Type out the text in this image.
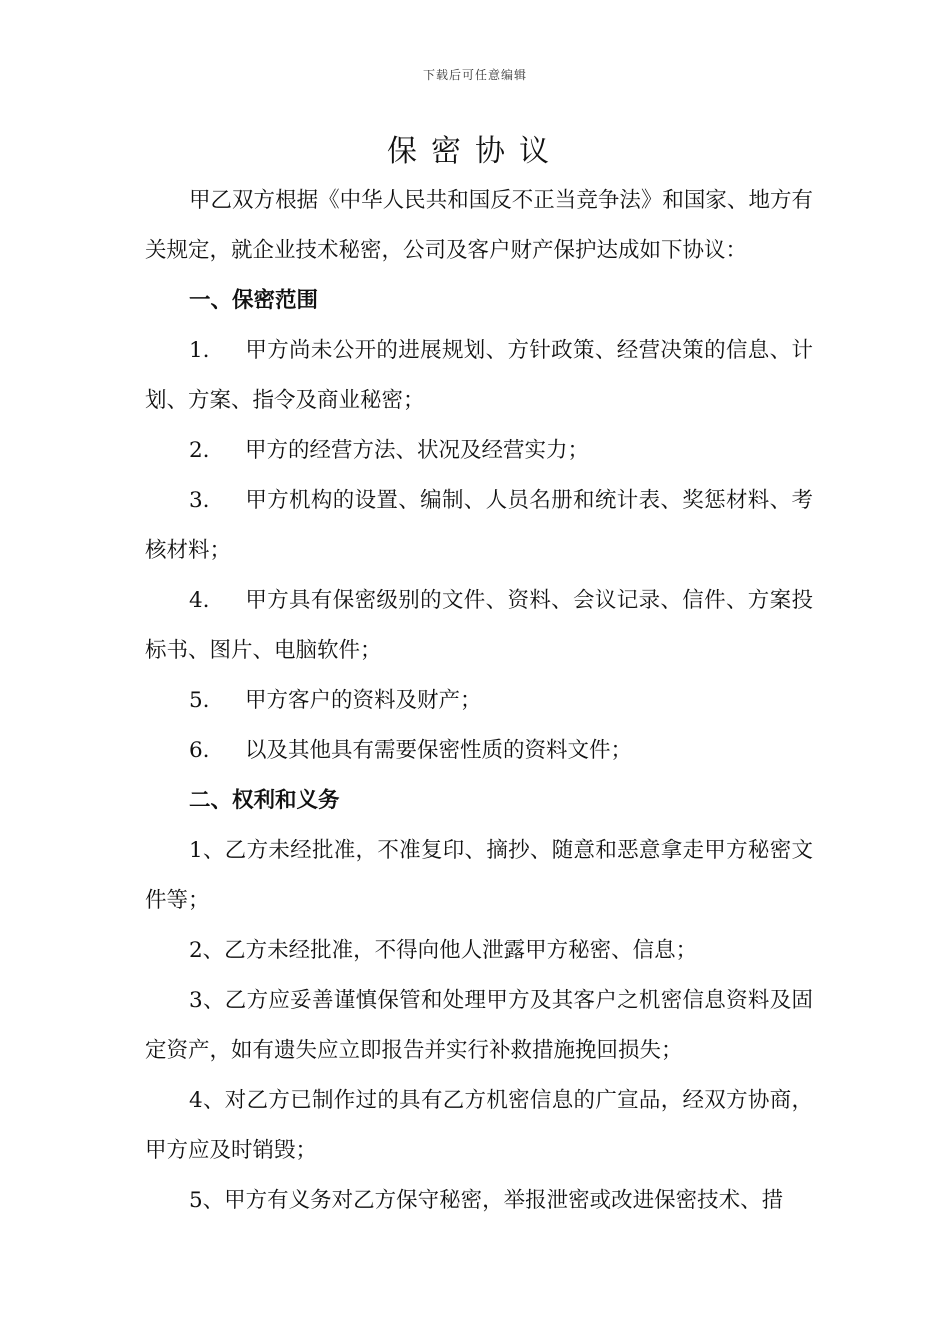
下载后可任意编辑
保密协议

甲乙双方根据《中华人民共和国反不正当竞争法》和国家、地方有关规定，就企业技术秘密，公司及客户财产保护达成如下协议：

一、保密范围

1. 甲方尚未公开的进展规划、方针政策、经营决策的信息、计划、方案、指令及商业秘密；

2. 甲方的经营方法、状况及经营实力；

3. 甲方机构的设置、编制、人员名册和统计表、奖惩材料、考核材料；

4. 甲方具有保密级别的文件、资料、会议记录、信件、方案投标书、图片、电脑软件；

5. 甲方客户的资料及财产；

6. 以及其他具有需要保密性质的资料文件；

二、权利和义务

1、乙方未经批准，不准复印、摘抄、随意和恶意拿走甲方秘密文件等；

2、乙方未经批准，不得向他人泄露甲方秘密、信息；

3、乙方应妥善谨慎保管和处理甲方及其客户之机密信息资料及固定资产，如有遗失应立即报告并实行补救措施挽回损失；

4、对乙方已制作过的具有乙方机密信息的广宣品，经双方协商，甲方应及时销毁；

5、甲方有义务对乙方保守秘密，举报泄密或改进保密技术、措
